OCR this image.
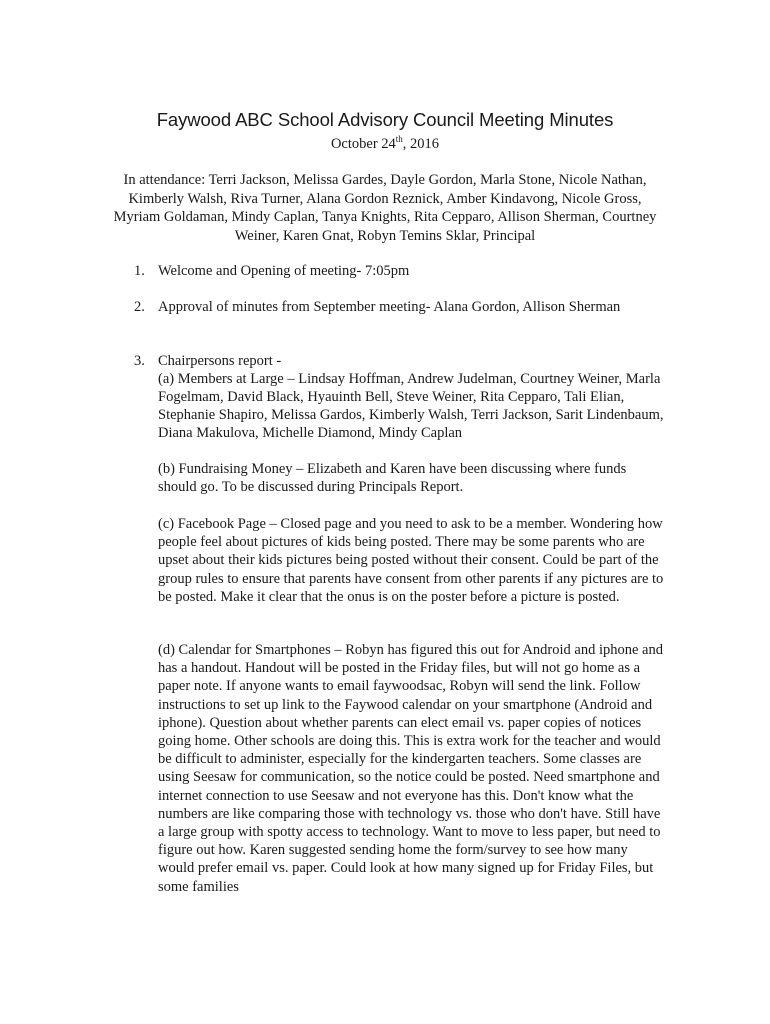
Faywood ABC School Advisory Council Meeting Minutes
October 24th, 2016
In attendance: Terri Jackson, Melissa Gardes, Dayle Gordon, Marla Stone, Nicole Nathan, Kimberly Walsh, Riva Turner, Alana Gordon Reznick, Amber Kindavong, Nicole Gross, Myriam Goldaman, Mindy Caplan, Tanya Knights, Rita Cepparo, Allison Sherman, Courtney Weiner, Karen Gnat, Robyn Temins Sklar, Principal
1. Welcome and Opening of meeting- 7:05pm
2. Approval of minutes from September meeting- Alana Gordon, Allison Sherman
3. Chairpersons report -
(a) Members at Large – Lindsay Hoffman, Andrew Judelman, Courtney Weiner, Marla Fogelmam, David Black, Hyauinth Bell, Steve Weiner, Rita Cepparo, Tali Elian, Stephanie Shapiro, Melissa Gardos, Kimberly Walsh, Terri Jackson, Sarit Lindenbaum, Diana Makulova, Michelle Diamond, Mindy Caplan
(b) Fundraising Money – Elizabeth and Karen have been discussing where funds should go. To be discussed during Principals Report.
(c) Facebook Page – Closed page and you need to ask to be a member. Wondering how people feel about pictures of kids being posted. There may be some parents who are upset about their kids pictures being posted without their consent. Could be part of the group rules to ensure that parents have consent from other parents if any pictures are to be posted. Make it clear that the onus is on the poster before a picture is posted.
(d) Calendar for Smartphones – Robyn has figured this out for Android and iphone and has a handout. Handout will be posted in the Friday files, but will not go home as a paper note. If anyone wants to email faywoodsac, Robyn will send the link. Follow instructions to set up link to the Faywood calendar on your smartphone (Android and iphone). Question about whether parents can elect email vs. paper copies of notices going home. Other schools are doing this. This is extra work for the teacher and would be difficult to administer, especially for the kindergarten teachers. Some classes are using Seesaw for communication, so the notice could be posted. Need smartphone and internet connection to use Seesaw and not everyone has this. Don't know what the numbers are like comparing those with technology vs. those who don't have. Still have a large group with spotty access to technology. Want to move to less paper, but need to figure out how. Karen suggested sending home the form/survey to see how many would prefer email vs. paper. Could look at how many signed up for Friday Files, but some families
